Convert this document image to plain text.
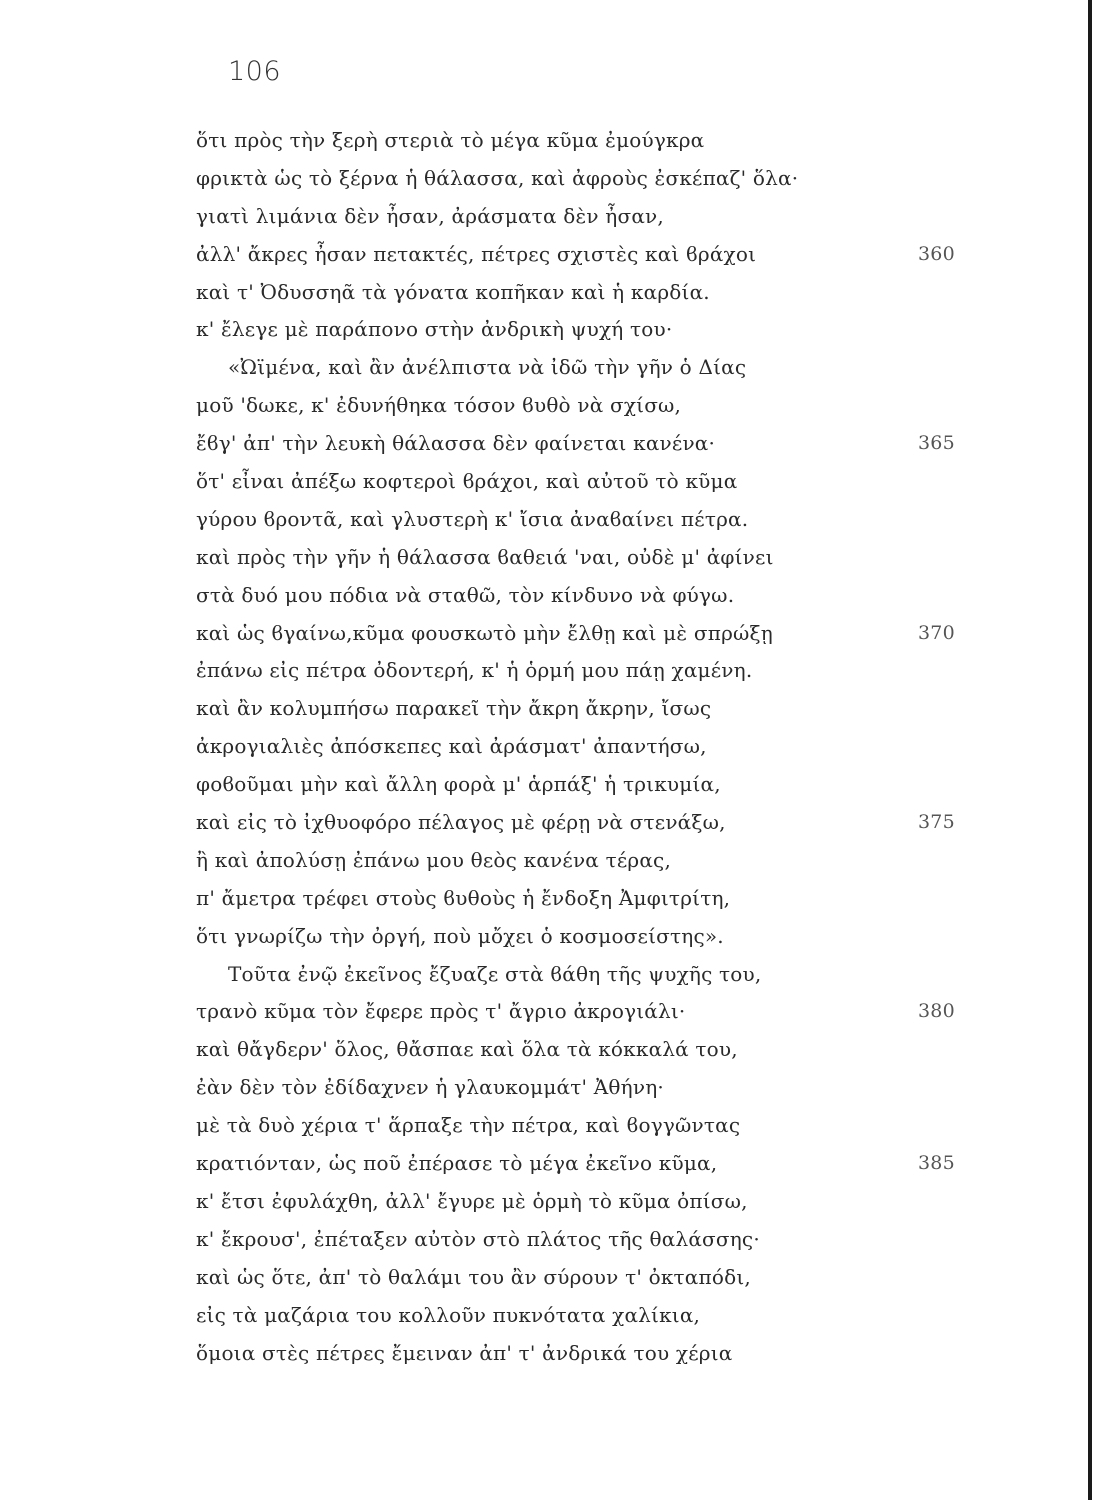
106
ὅτι πρὸς τὴν ξερὴ στεριὰ τὸ μέγα κῦμα ἐμούγκρα
φρικτὰ ὡς τὸ ξέρνα ἡ θάλασσα, καὶ ἀφροὺς ἐσκέπαζ' ὅλα·
γιατὶ λιμάνια δὲν ἦσαν, ἀράσματα δὲν ἦσαν,
ἀλλ' ἄκρες ἦσαν πετακτές, πέτρες σχιστὲς καὶ ϐράχοι	360
καὶ τ' Ὀδυσσηᾶ τὰ γόνατα κοπῆκαν καὶ ἡ καρδία.
κ' ἔλεγε μὲ παράπονο στὴν ἀνδρικὴ ψυχή του·
«Ὠϊμένα, καὶ ἂν ἀνέλπιστα νὰ ἰδῶ τὴν γῆν ὁ Δίας
μοῦ 'δωκε, κ' ἐδυνήθηκα τόσον ϐυθὸ νὰ σχίσω,
ἔϐγ' ἀπ' τὴν λευκὴ θάλασσα δὲν φαίνεται κανένα·	365
ὅτ' εἶναι ἀπέξω κοφτεροὶ ϐράχοι, καὶ αὐτοῦ τὸ κῦμα
γύρου ϐροντᾶ, καὶ γλυστερὴ κ' ἴσια ἀναϐαίνει πέτρα.
καὶ πρὸς τὴν γῆν ἡ θάλασσα ϐαθειά 'ναι, οὐδὲ μ' ἀφίνει
στὰ δυό μου πόδια νὰ σταθῶ, τὸν κίνδυνο νὰ φύγω.
καὶ ὡς ϐγαίνω,κῦμα φουσκωτὸ μὴν ἔλθῃ καὶ μὲ σπρώξῃ	370
ἐπάνω εἰς πέτρα ὀδοντερή, κ' ἡ ὁρμή μου πάῃ χαμένη.
καὶ ἂν κολυμπήσω παρακεῖ τὴν ἄκρη ἄκρην, ἴσως
ἀκρογιαλιὲς ἀπόσκεπες καὶ ἀράσματ' ἀπαντήσω,
φοϐοῦμαι μὴν καὶ ἄλλη φορὰ μ' ἁρπάξ' ἡ τρικυμία,
καὶ εἰς τὸ ἰχθυοφόρο πέλαγος μὲ φέρῃ νὰ στενάξω,	375
ἢ καὶ ἀπολύσῃ ἐπάνω μου θεὸς κανένα τέρας,
π' ἄμετρα τρέφει στοὺς ϐυθοὺς ἡ ἔνδοξη Ἀμφιτρίτη,
ὅτι γνωρίζω τὴν ὀργή, ποὺ μὄχει ὁ κοσμοσείστης».
Τοῦτα ἐνῷ ἐκεῖνος ἔζυαζε στὰ ϐάθη τῆς ψυχῆς του,
τρανὸ κῦμα τὸν ἔφερε πρὸς τ' ἄγριο ἀκρογιάλι·	380
καὶ θἄγδερν' ὅλος, θἄσπαε καὶ ὅλα τὰ κόκκαλά του,
ἐὰν δὲν τὸν ἐδίδαχνεν ἡ γλαυκομμάτ' Ἀθήνη·
μὲ τὰ δυὸ χέρια τ' ἅρπαξε τὴν πέτρα, καὶ ϐογγῶντας
κρατιόνταν, ὡς ποῦ ἐπέρασε τὸ μέγα ἐκεῖνο κῦμα,	385
κ' ἔτσι ἐφυλάχθη, ἀλλ' ἔγυρε μὲ ὁρμὴ τὸ κῦμα ὀπίσω,
κ' ἔκρουσ', ἐπέταξεν αὐτὸν στὸ πλάτος τῆς θαλάσσης·
καὶ ὡς ὅτε, ἀπ' τὸ θαλάμι του ἂν σύρουν τ' ὀκταπόδι,
εἰς τὰ μαζάρια του κολλοῦν πυκνότατα χαλίκια,
ὅμοια στὲς πέτρες ἔμειναν ἀπ' τ' ἀνδρικά του χέρια
